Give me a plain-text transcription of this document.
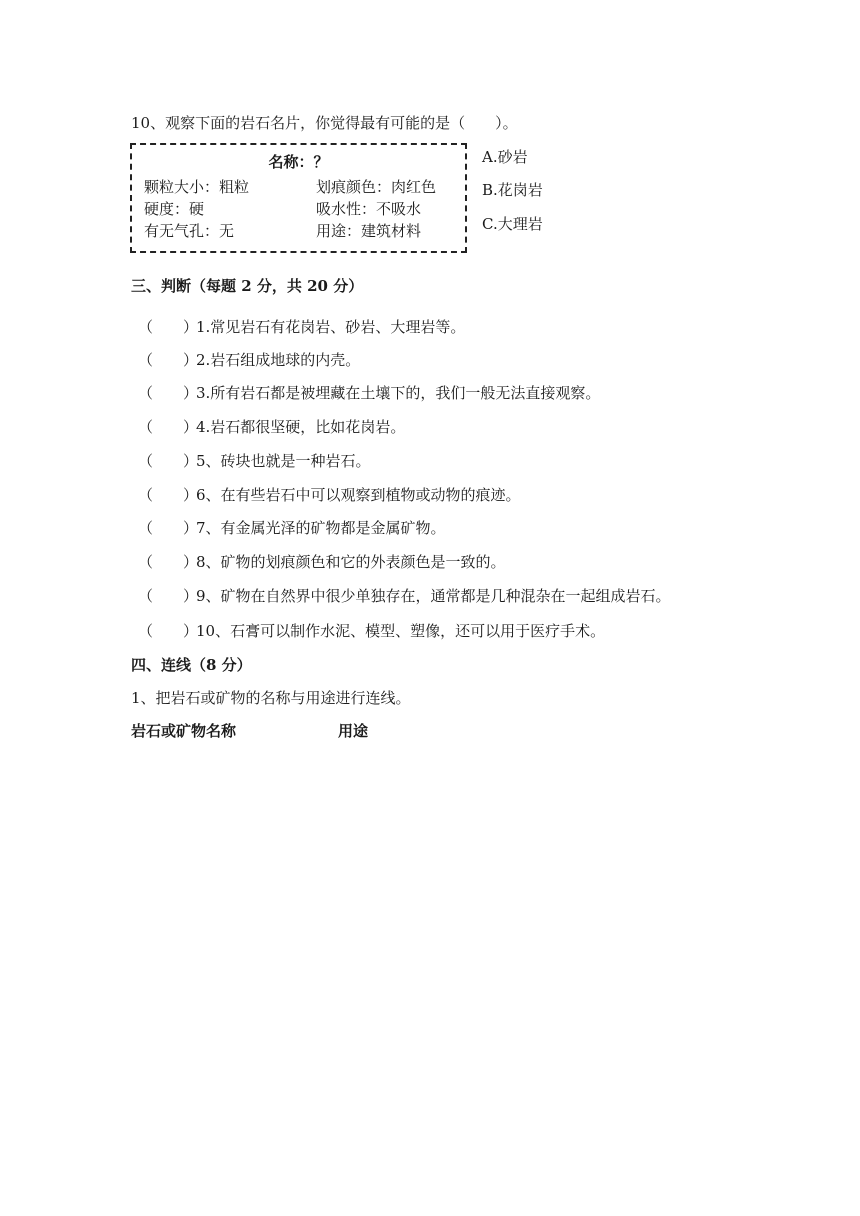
10、观察下面的岩石名片，你觉得最有可能的是（　　）。
名称：？
颗粒大小：粗粒	划痕颜色：肉红色
硬度：硬	吸水性：不吸水
有无气孔：无	用途：建筑材料
A.砂岩
B.花岗岩
C.大理岩
三、判断（每题 2 分，共 20 分）
（　　）1.常见岩石有花岗岩、砂岩、大理岩等。
（　　）2.岩石组成地球的内壳。
（　　）3.所有岩石都是被埋藏在土壤下的，我们一般无法直接观察。
（　　）4.岩石都很坚硬，比如花岗岩。
（　　）5、砖块也就是一种岩石。
（　　）6、在有些岩石中可以观察到植物或动物的痕迹。
（　　）7、有金属光泽的矿物都是金属矿物。
（　　）8、矿物的划痕颜色和它的外表颜色是一致的。
（　　）9、矿物在自然界中很少单独存在，通常都是几种混杂在一起组成岩石。
（　　）10、石膏可以制作水泥、模型、塑像，还可以用于医疗手术。
四、连线（8 分）
1、把岩石或矿物的名称与用途进行连线。
岩石或矿物名称	用途
